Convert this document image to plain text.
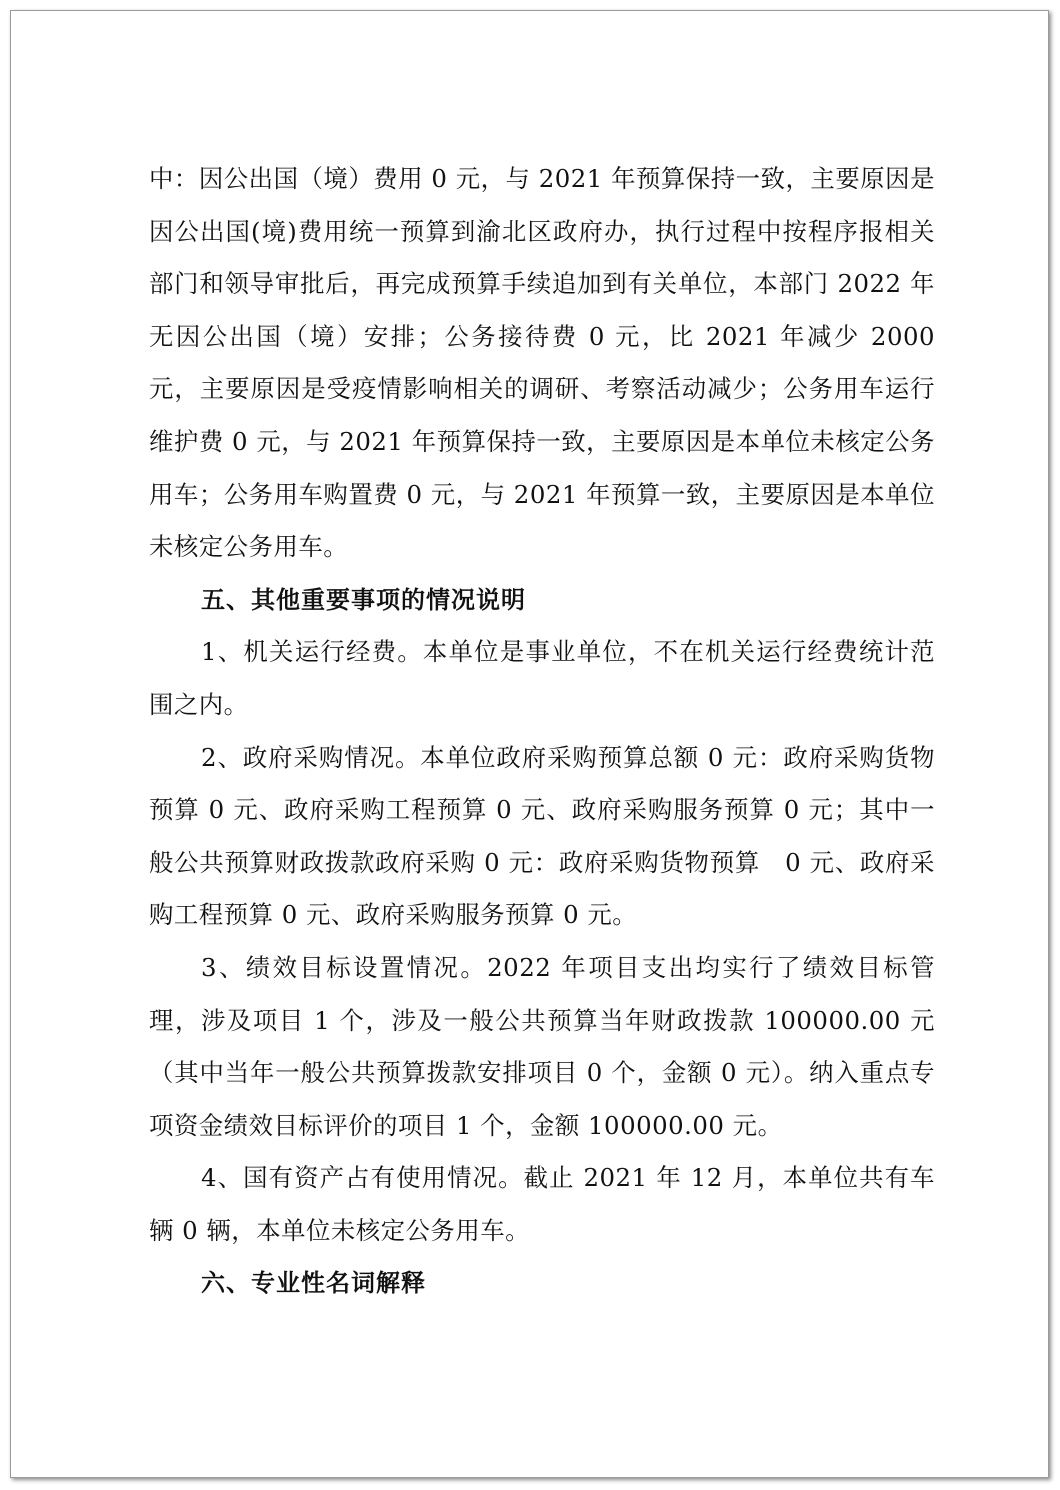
中：因公出国（境）费用 0 元，与 2021 年预算保持一致，主要原因是因公出国(境)费用统一预算到渝北区政府办，执行过程中按程序报相关部门和领导审批后，再完成预算手续追加到有关单位，本部门 2022 年无因公出国（境）安排；公务接待费 0 元，比 2021 年减少 2000 元，主要原因是受疫情影响相关的调研、考察活动减少；公务用车运行维护费 0 元，与 2021 年预算保持一致，主要原因是本单位未核定公务用车；公务用车购置费 0 元，与 2021 年预算一致，主要原因是本单位未核定公务用车。

五、其他重要事项的情况说明

1、机关运行经费。本单位是事业单位，不在机关运行经费统计范围之内。

2、政府采购情况。本单位政府采购预算总额 0 元：政府采购货物预算 0 元、政府采购工程预算 0 元、政府采购服务预算 0 元；其中一般公共预算财政拨款政府采购 0 元：政府采购货物预算　0 元、政府采购工程预算 0 元、政府采购服务预算 0 元。

3、绩效目标设置情况。2022 年项目支出均实行了绩效目标管理，涉及项目 1 个，涉及一般公共预算当年财政拨款 100000.00 元（其中当年一般公共预算拨款安排项目 0 个，金额 0 元）。纳入重点专项资金绩效目标评价的项目 1 个，金额 100000.00 元。

4、国有资产占有使用情况。截止 2021 年 12 月，本单位共有车辆 0 辆，本单位未核定公务用车。

六、专业性名词解释
